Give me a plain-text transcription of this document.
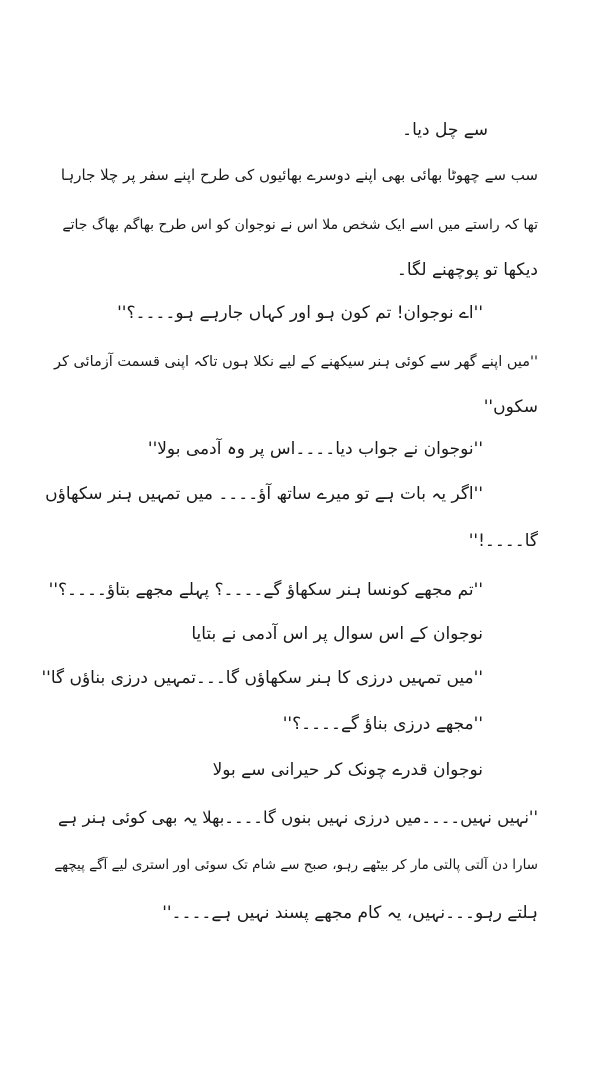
سے چل دیا۔
سب سے چھوٹا بھائی بھی اپنے دوسرے بھائیوں کی طرح اپنے سفر پر چلا جارہا
تھا کہ راستے میں اسے ایک شخص ملا اس نے نوجوان کو اس طرح بھاگم بھاگ جاتے
دیکھا تو پوچھنے لگا۔
''اے نوجوان! تم کون ہو اور کہاں جارہے ہو۔۔۔۔؟''
''میں اپنے گھر سے کوئی ہنر سیکھنے کے لیے نکلا ہوں تاکہ اپنی قسمت آزمائی کر
سکوں''
''نوجوان نے جواب دیا۔۔۔۔اس پر وہ آدمی بولا''
''اگر یہ بات ہے تو میرے ساتھ آؤ۔۔۔۔ میں تمہیں ہنر سکھاؤں
گا۔۔۔۔!''
''تم مجھے کونسا ہنر سکھاؤ گے۔۔۔۔؟ پہلے مجھے بتاؤ۔۔۔۔؟''
نوجوان کے اس سوال پر اس آدمی نے بتایا
''میں تمہیں درزی کا ہنر سکھاؤں گا۔۔۔تمہیں درزی بناؤں گا''
''مجھے درزی بناؤ گے۔۔۔۔؟''
نوجوان قدرے چونک کر حیرانی سے بولا
''نہیں نہیں۔۔۔۔میں درزی نہیں بنوں گا۔۔۔۔بھلا یہ بھی کوئی ہنر ہے
سارا دن آلتی پالتی مار کر بیٹھے رہو، صبح سے شام تک سوئی اور استری لیے آگے پیچھے
ہلتے رہو۔۔۔نہیں، یہ کام مجھے پسند نہیں ہے۔۔۔۔''
